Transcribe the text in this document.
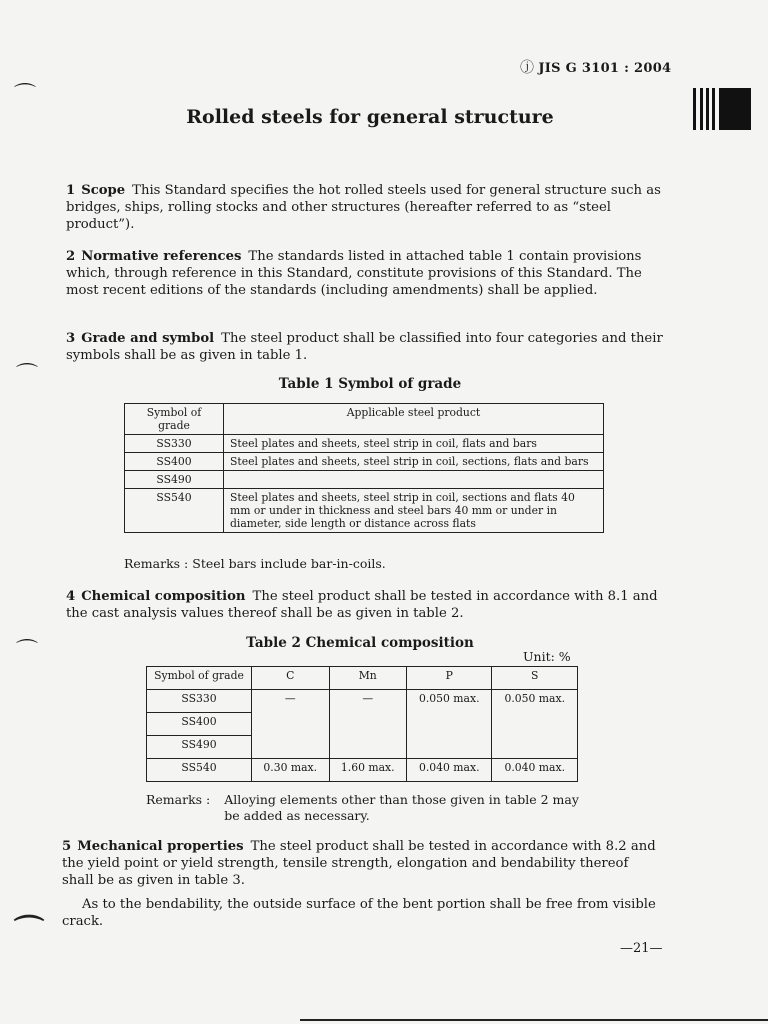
ⓙ JIS G 3101 : 2004
Rolled steels for general structure
1 Scope This Standard specifies the hot rolled steels used for general structure such as bridges, ships, rolling stocks and other structures (hereafter referred to as “steel product”).
2 Normative references The standards listed in attached table 1 contain provisions which, through reference in this Standard, constitute provisions of this Standard. The most recent editions of the standards (including amendments) shall be applied.
3 Grade and symbol The steel product shall be classified into four categories and their symbols shall be as given in table 1.
Table 1 Symbol of grade
Symbol of grade	Applicable steel product
SS330	Steel plates and sheets, steel strip in coil, flats and bars
SS400	Steel plates and sheets, steel strip in coil, sections, flats and bars
SS490	
SS540	Steel plates and sheets, steel strip in coil, sections and flats 40 mm or under in thickness and steel bars 40 mm or under in diameter, side length or distance across flats
Remarks : Steel bars include bar-in-coils.
4 Chemical composition The steel product shall be tested in accordance with 8.1 and the cast analysis values thereof shall be as given in table 2.
Table 2 Chemical composition
Unit: %
Symbol of grade	C	Mn	P	S
SS330	—	—	0.050 max.	0.050 max.
SS400				
SS490				
SS540	0.30 max.	1.60 max.	0.040 max.	0.040 max.
Remarks : Alloying elements other than those given in table 2 may be added as necessary.
5 Mechanical properties The steel product shall be tested in accordance with 8.2 and the yield point or yield strength, tensile strength, elongation and bendability thereof shall be as given in table 3.
As to the bendability, the outside surface of the bent portion shall be free from visible crack.
—21—
⌒
⌒
⌒
⌒
